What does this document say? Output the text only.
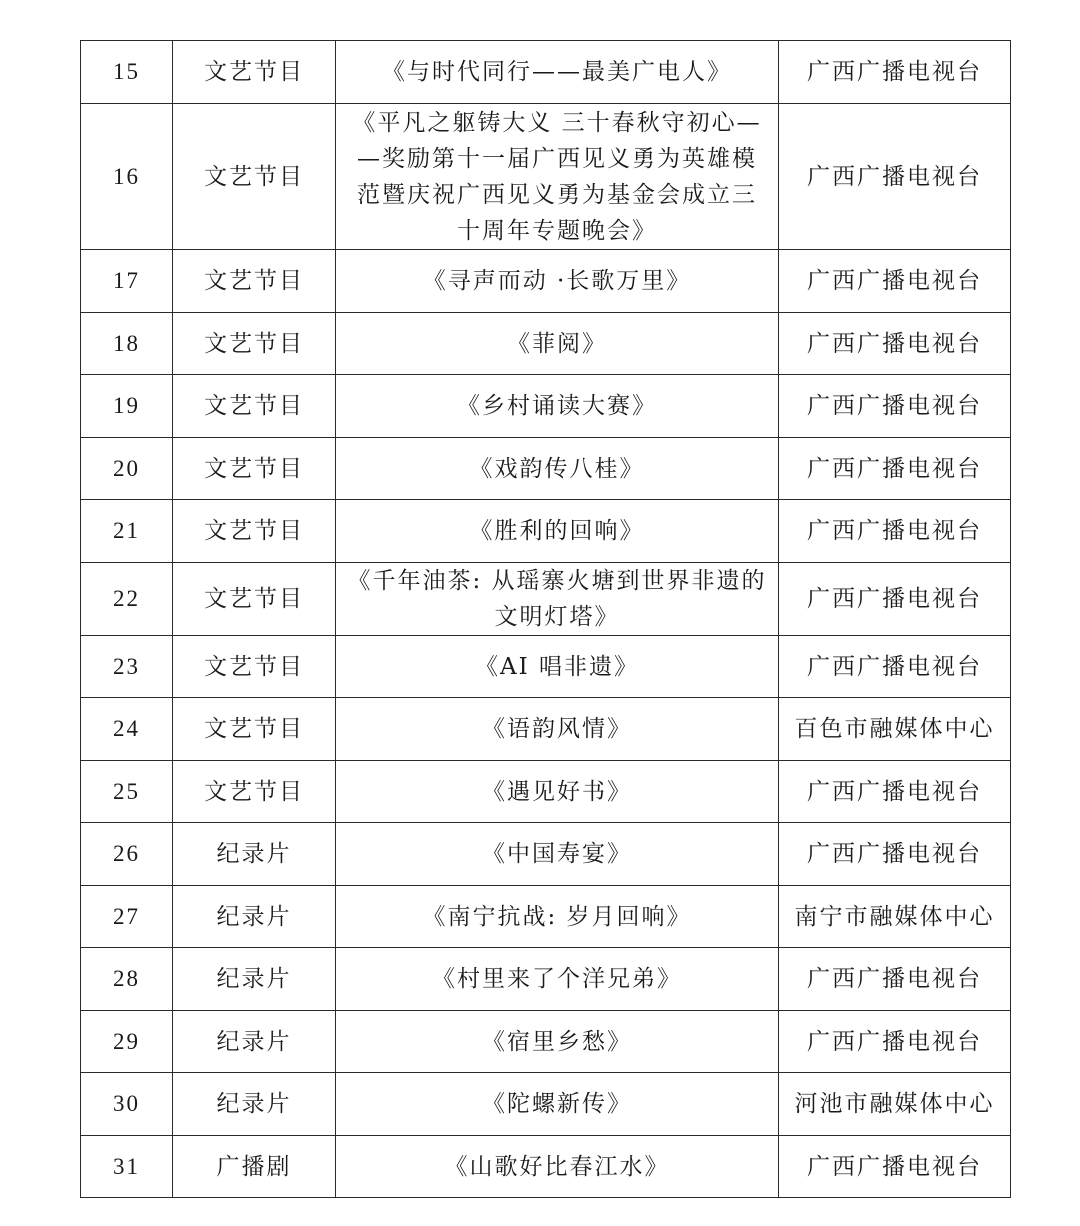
15	文艺节目	《与时代同行——最美广电人》	广西广播电视台
16	文艺节目	《平凡之躯铸大义 三十春秋守初心—
—奖励第十一届广西见义勇为英雄模
范暨庆祝广西见义勇为基金会成立三
十周年专题晚会》	广西广播电视台
17	文艺节目	《寻声而动 ·长歌万里》	广西广播电视台
18	文艺节目	《菲阅》	广西广播电视台
19	文艺节目	《乡村诵读大赛》	广西广播电视台
20	文艺节目	《戏韵传八桂》	广西广播电视台
21	文艺节目	《胜利的回响》	广西广播电视台
22	文艺节目	《千年油茶: 从瑶寨火塘到世界非遗的
文明灯塔》	广西广播电视台
23	文艺节目	《AI 唱非遗》	广西广播电视台
24	文艺节目	《语韵风情》	百色市融媒体中心
25	文艺节目	《遇见好书》	广西广播电视台
26	纪录片	《中国寿宴》	广西广播电视台
27	纪录片	《南宁抗战: 岁月回响》	南宁市融媒体中心
28	纪录片	《村里来了个洋兄弟》	广西广播电视台
29	纪录片	《宿里乡愁》	广西广播电视台
30	纪录片	《陀螺新传》	河池市融媒体中心
31	广播剧	《山歌好比春江水》	广西广播电视台
